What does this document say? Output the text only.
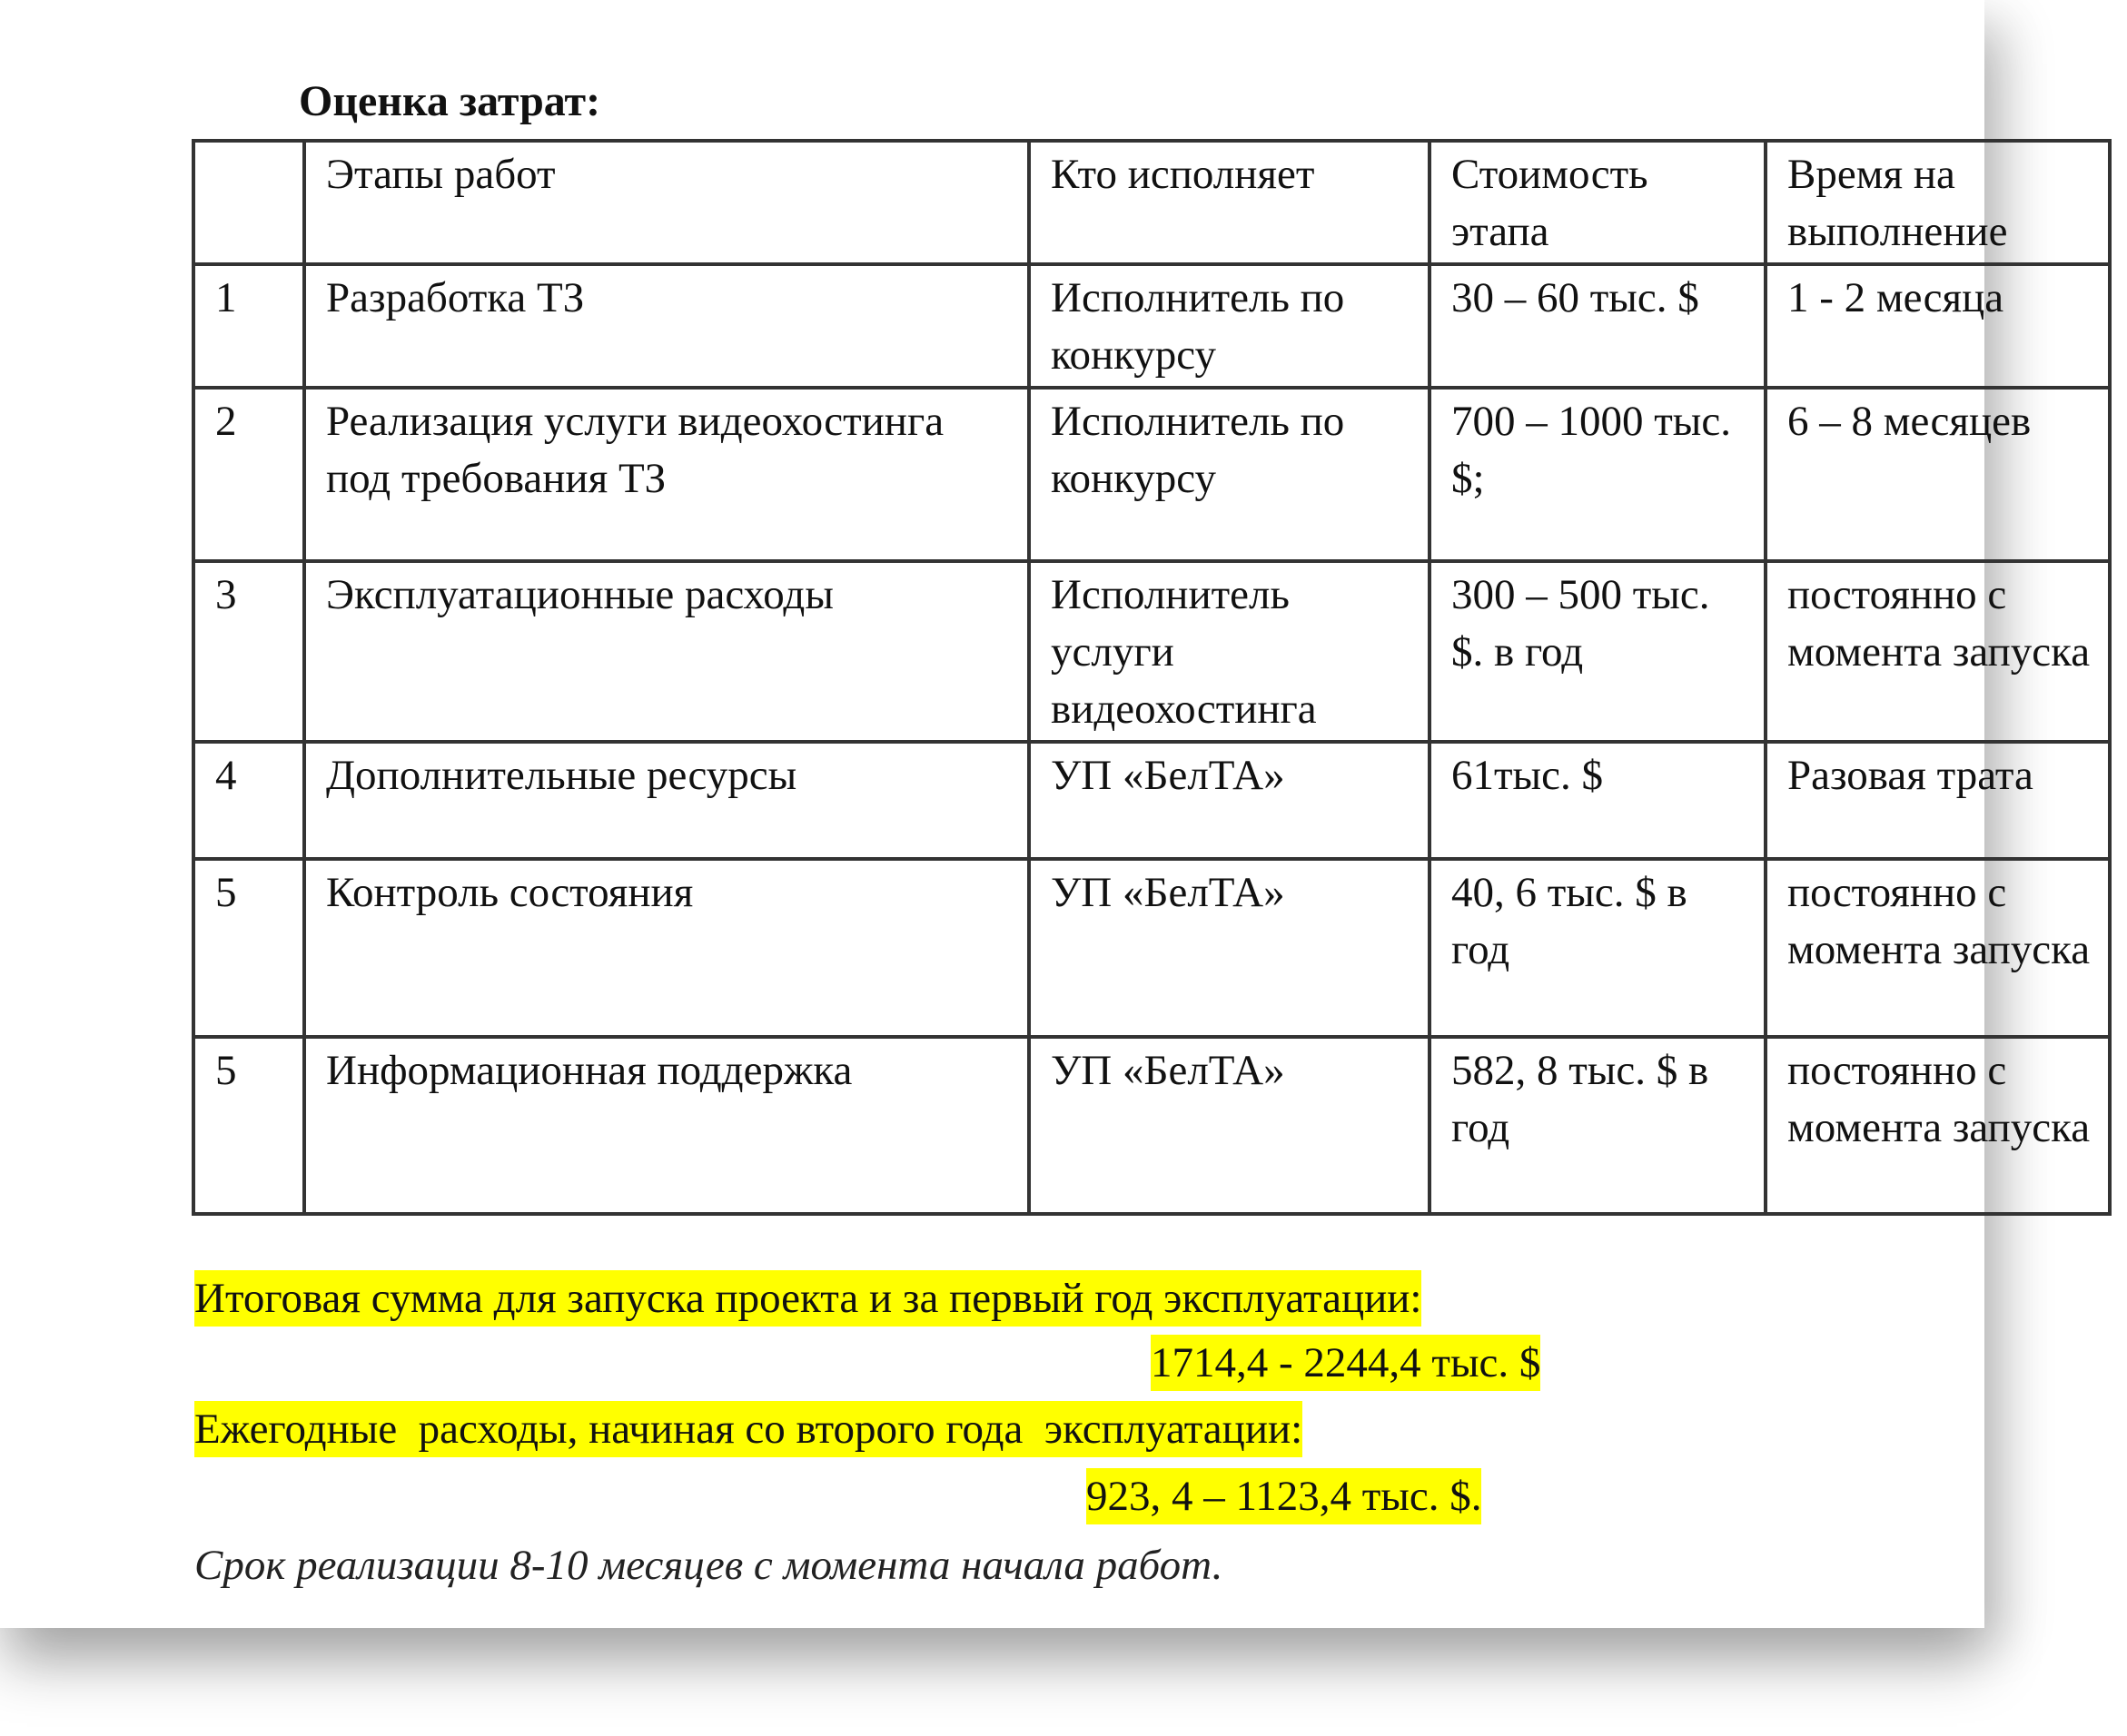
Оценка затрат:
	Этапы работ	Кто исполняет	Стоимость этапа	Время на выполнение
1	Разработка ТЗ	Исполнитель по конкурсу	30 – 60 тыс. $	1 - 2 месяца
2	Реализация услуги видеохостинга под требования ТЗ	Исполнитель по конкурсу	700 – 1000 тыс. $;	6 – 8 месяцев
3	Эксплуатационные расходы	Исполнитель услуги видеохостинга	300 – 500 тыс. $. в год	постоянно с момента запуска
4	Дополнительные ресурсы	УП «БелТА»	61тыс. $	Разовая трата
5	Контроль состояния	УП «БелТА»	40, 6 тыс. $ в год	постоянно с момента запуска
5	Информационная поддержка	УП «БелТА»	582, 8 тыс. $ в год	постоянно с момента запуска
Итоговая сумма для запуска проекта и за первый год эксплуатации:
1714,4 - 2244,4 тыс. $
Ежегодные  расходы, начиная со второго года  эксплуатации:
923, 4 – 1123,4 тыс. $.
Срок реализации 8-10 месяцев с момента начала работ.
